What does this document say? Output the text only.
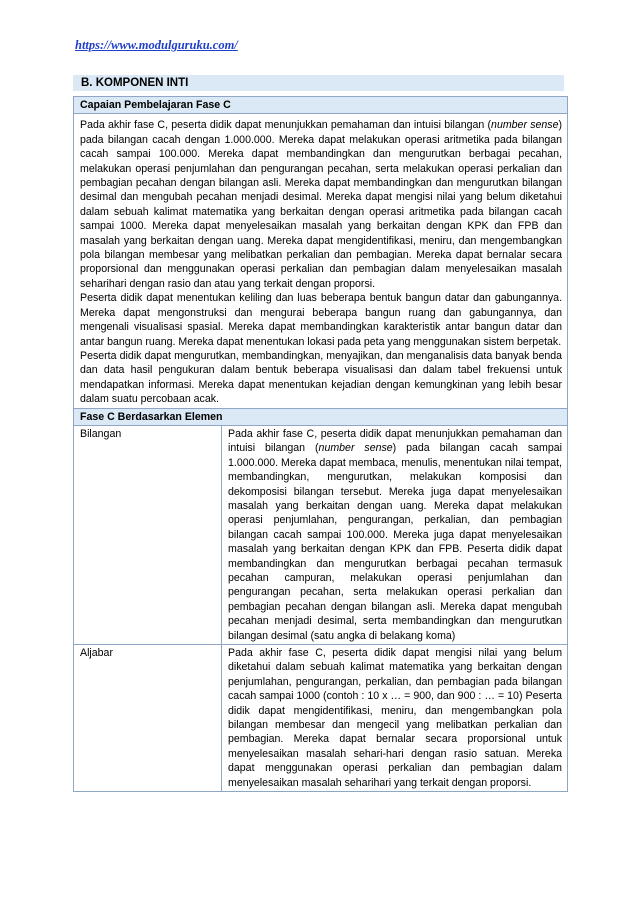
https://www.modulguruku.com/
B. KOMPONEN INTI
Capaian Pembelajaran Fase C	

Pada akhir fase C, peserta didik dapat menunjukkan pemahaman dan intuisi bilangan (number sense) pada bilangan cacah dengan 1.000.000. Mereka dapat melakukan operasi aritmetika pada bilangan cacah sampai 100.000. Mereka dapat membandingkan dan mengurutkan berbagai pecahan, melakukan operasi penjumlahan dan pengurangan pecahan, serta melakukan operasi perkalian dan pembagian pecahan dengan bilangan asli. Mereka dapat membandingkan dan mengurutkan bilangan desimal dan mengubah pecahan menjadi desimal. Mereka dapat mengisi nilai yang belum diketahui dalam sebuah kalimat matematika yang berkaitan dengan operasi aritmetika pada bilangan cacah sampai 1000. Mereka dapat menyelesaikan masalah yang berkaitan dengan KPK dan FPB dan masalah yang berkaitan dengan uang. Mereka dapat mengidentifikasi, meniru, dan mengembangkan pola bilangan membesar yang melibatkan perkalian dan pembagian. Mereka dapat bernalar secara proporsional dan menggunakan operasi perkalian dan pembagian dalam menyelesaikan masalah seharihari dengan rasio dan atau yang terkait dengan proporsi.

Peserta didik dapat menentukan keliling dan luas beberapa bentuk bangun datar dan gabungannya. Mereka dapat mengonstruksi dan mengurai beberapa bangun ruang dan gabungannya, dan mengenali visualisasi spasial. Mereka dapat membandingkan karakteristik antar bangun datar dan antar bangun ruang. Mereka dapat menentukan lokasi pada peta yang menggunakan sistem berpetak.

Peserta didik dapat mengurutkan, membandingkan, menyajikan, dan menganalisis data banyak benda dan data hasil pengukuran dalam bentuk beberapa visualisasi dan dalam tabel frekuensi untuk mendapatkan informasi. Mereka dapat menentukan kejadian dengan kemungkinan yang lebih besar dalam suatu percobaan acak.	

Fase C Berdasarkan Elemen	
Bilangan	Pada akhir fase C, peserta didik dapat menunjukkan pemahaman dan intuisi bilangan (number sense) pada bilangan cacah sampai 1.000.000. Mereka dapat membaca, menulis, menentukan nilai tempat, membandingkan, mengurutkan, melakukan komposisi dan dekomposisi bilangan tersebut. Mereka juga dapat menyelesaikan masalah yang berkaitan dengan uang. Mereka dapat melakukan operasi penjumlahan, pengurangan, perkalian, dan pembagian bilangan cacah sampai 100.000. Mereka juga dapat menyelesaikan masalah yang berkaitan dengan KPK dan FPB. Peserta didik dapat membandingkan dan mengurutkan berbagai pecahan termasuk pecahan campuran, melakukan operasi penjumlahan dan pengurangan pecahan, serta melakukan operasi perkalian dan pembagian pecahan dengan bilangan asli. Mereka dapat mengubah pecahan menjadi desimal, serta membandingkan dan mengurutkan bilangan desimal (satu angka di belakang koma)
Aljabar	Pada akhir fase C, peserta didik dapat mengisi nilai yang belum diketahui dalam sebuah kalimat matematika yang berkaitan dengan penjumlahan, pengurangan, perkalian, dan pembagian pada bilangan cacah sampai 1000 (contoh : 10 x … = 900, dan 900 : … = 10) Peserta didik dapat mengidentifikasi, meniru, dan mengembangkan pola bilangan membesar dan mengecil yang melibatkan perkalian dan pembagian. Mereka dapat bernalar secara proporsional untuk menyelesaikan masalah sehari-hari dengan rasio satuan. Mereka dapat menggunakan operasi perkalian dan pembagian dalam menyelesaikan masalah seharihari yang terkait dengan proporsi.
